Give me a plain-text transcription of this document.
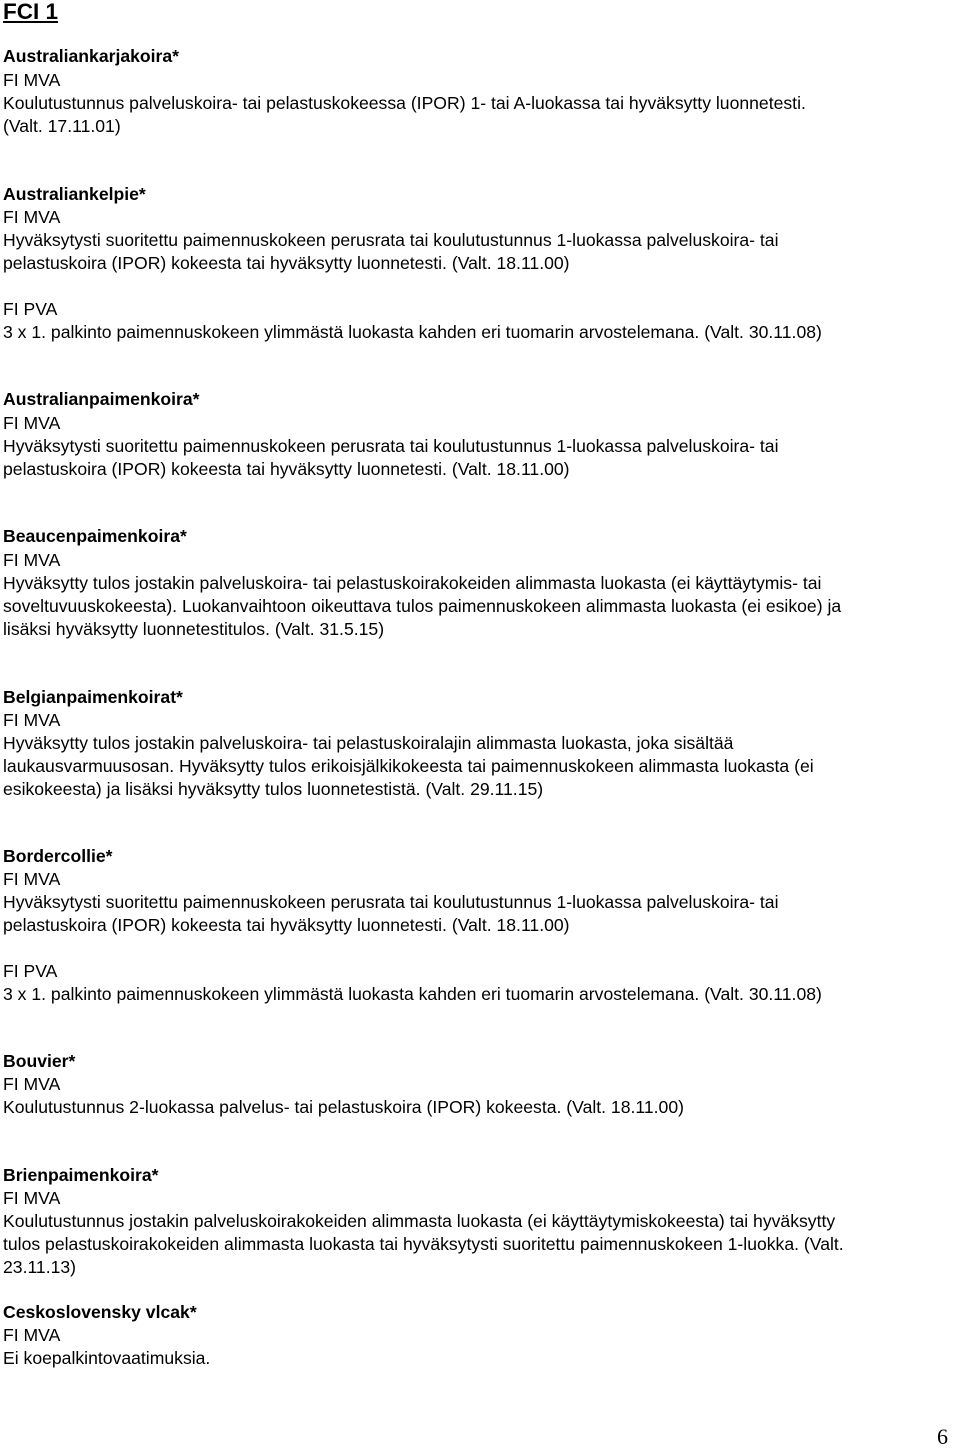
FCI 1

Australiankarjakoira*

FI MVA

Koulutustunnus palveluskoira- tai pelastuskokeessa (IPOR) 1- tai A-luokassa tai hyväksytty luonnetesti.

(Valt. 17.11.01)

Australiankelpie*

FI MVA

Hyväksytysti suoritettu paimennuskokeen perusrata tai koulutustunnus 1-luokassa palveluskoira- tai

pelastuskoira (IPOR) kokeesta tai hyväksytty luonnetesti. (Valt. 18.11.00)

FI PVA

3 x 1. palkinto paimennuskokeen ylimmästä luokasta kahden eri tuomarin arvostelemana. (Valt. 30.11.08)

Australianpaimenkoira*

FI MVA

Hyväksytysti suoritettu paimennuskokeen perusrata tai koulutustunnus 1-luokassa palveluskoira- tai

pelastuskoira (IPOR) kokeesta tai hyväksytty luonnetesti. (Valt. 18.11.00)

Beaucenpaimenkoira*

FI MVA

Hyväksytty tulos jostakin palveluskoira- tai pelastuskoirakokeiden alimmasta luokasta (ei käyttäytymis- tai

soveltuvuuskokeesta). Luokanvaihtoon oikeuttava tulos paimennuskokeen alimmasta luokasta (ei esikoe) ja

lisäksi hyväksytty luonnetestitulos. (Valt. 31.5.15)

Belgianpaimenkoirat*

FI MVA

Hyväksytty tulos jostakin palveluskoira- tai pelastuskoiralajin alimmasta luokasta, joka sisältää

laukausvarmuusosan. Hyväksytty tulos erikoisjälkikokeesta tai paimennuskokeen alimmasta luokasta (ei

esikokeesta) ja lisäksi hyväksytty tulos luonnetestistä. (Valt. 29.11.15)

Bordercollie*

FI MVA

Hyväksytysti suoritettu paimennuskokeen perusrata tai koulutustunnus 1-luokassa palveluskoira- tai

pelastuskoira (IPOR) kokeesta tai hyväksytty luonnetesti. (Valt. 18.11.00)

FI PVA

3 x 1. palkinto paimennuskokeen ylimmästä luokasta kahden eri tuomarin arvostelemana. (Valt. 30.11.08)

Bouvier*

FI MVA

Koulutustunnus 2-luokassa palvelus- tai pelastuskoira (IPOR) kokeesta. (Valt. 18.11.00)

Brienpaimenkoira*

FI MVA

Koulutustunnus jostakin palveluskoirakokeiden alimmasta luokasta (ei käyttäytymiskokeesta) tai hyväksytty

tulos pelastuskoirakokeiden alimmasta luokasta tai hyväksytysti suoritettu paimennuskokeen 1-luokka. (Valt.

23.11.13)

Ceskoslovensky vlcak*

FI MVA

Ei koepalkintovaatimuksia.

6
